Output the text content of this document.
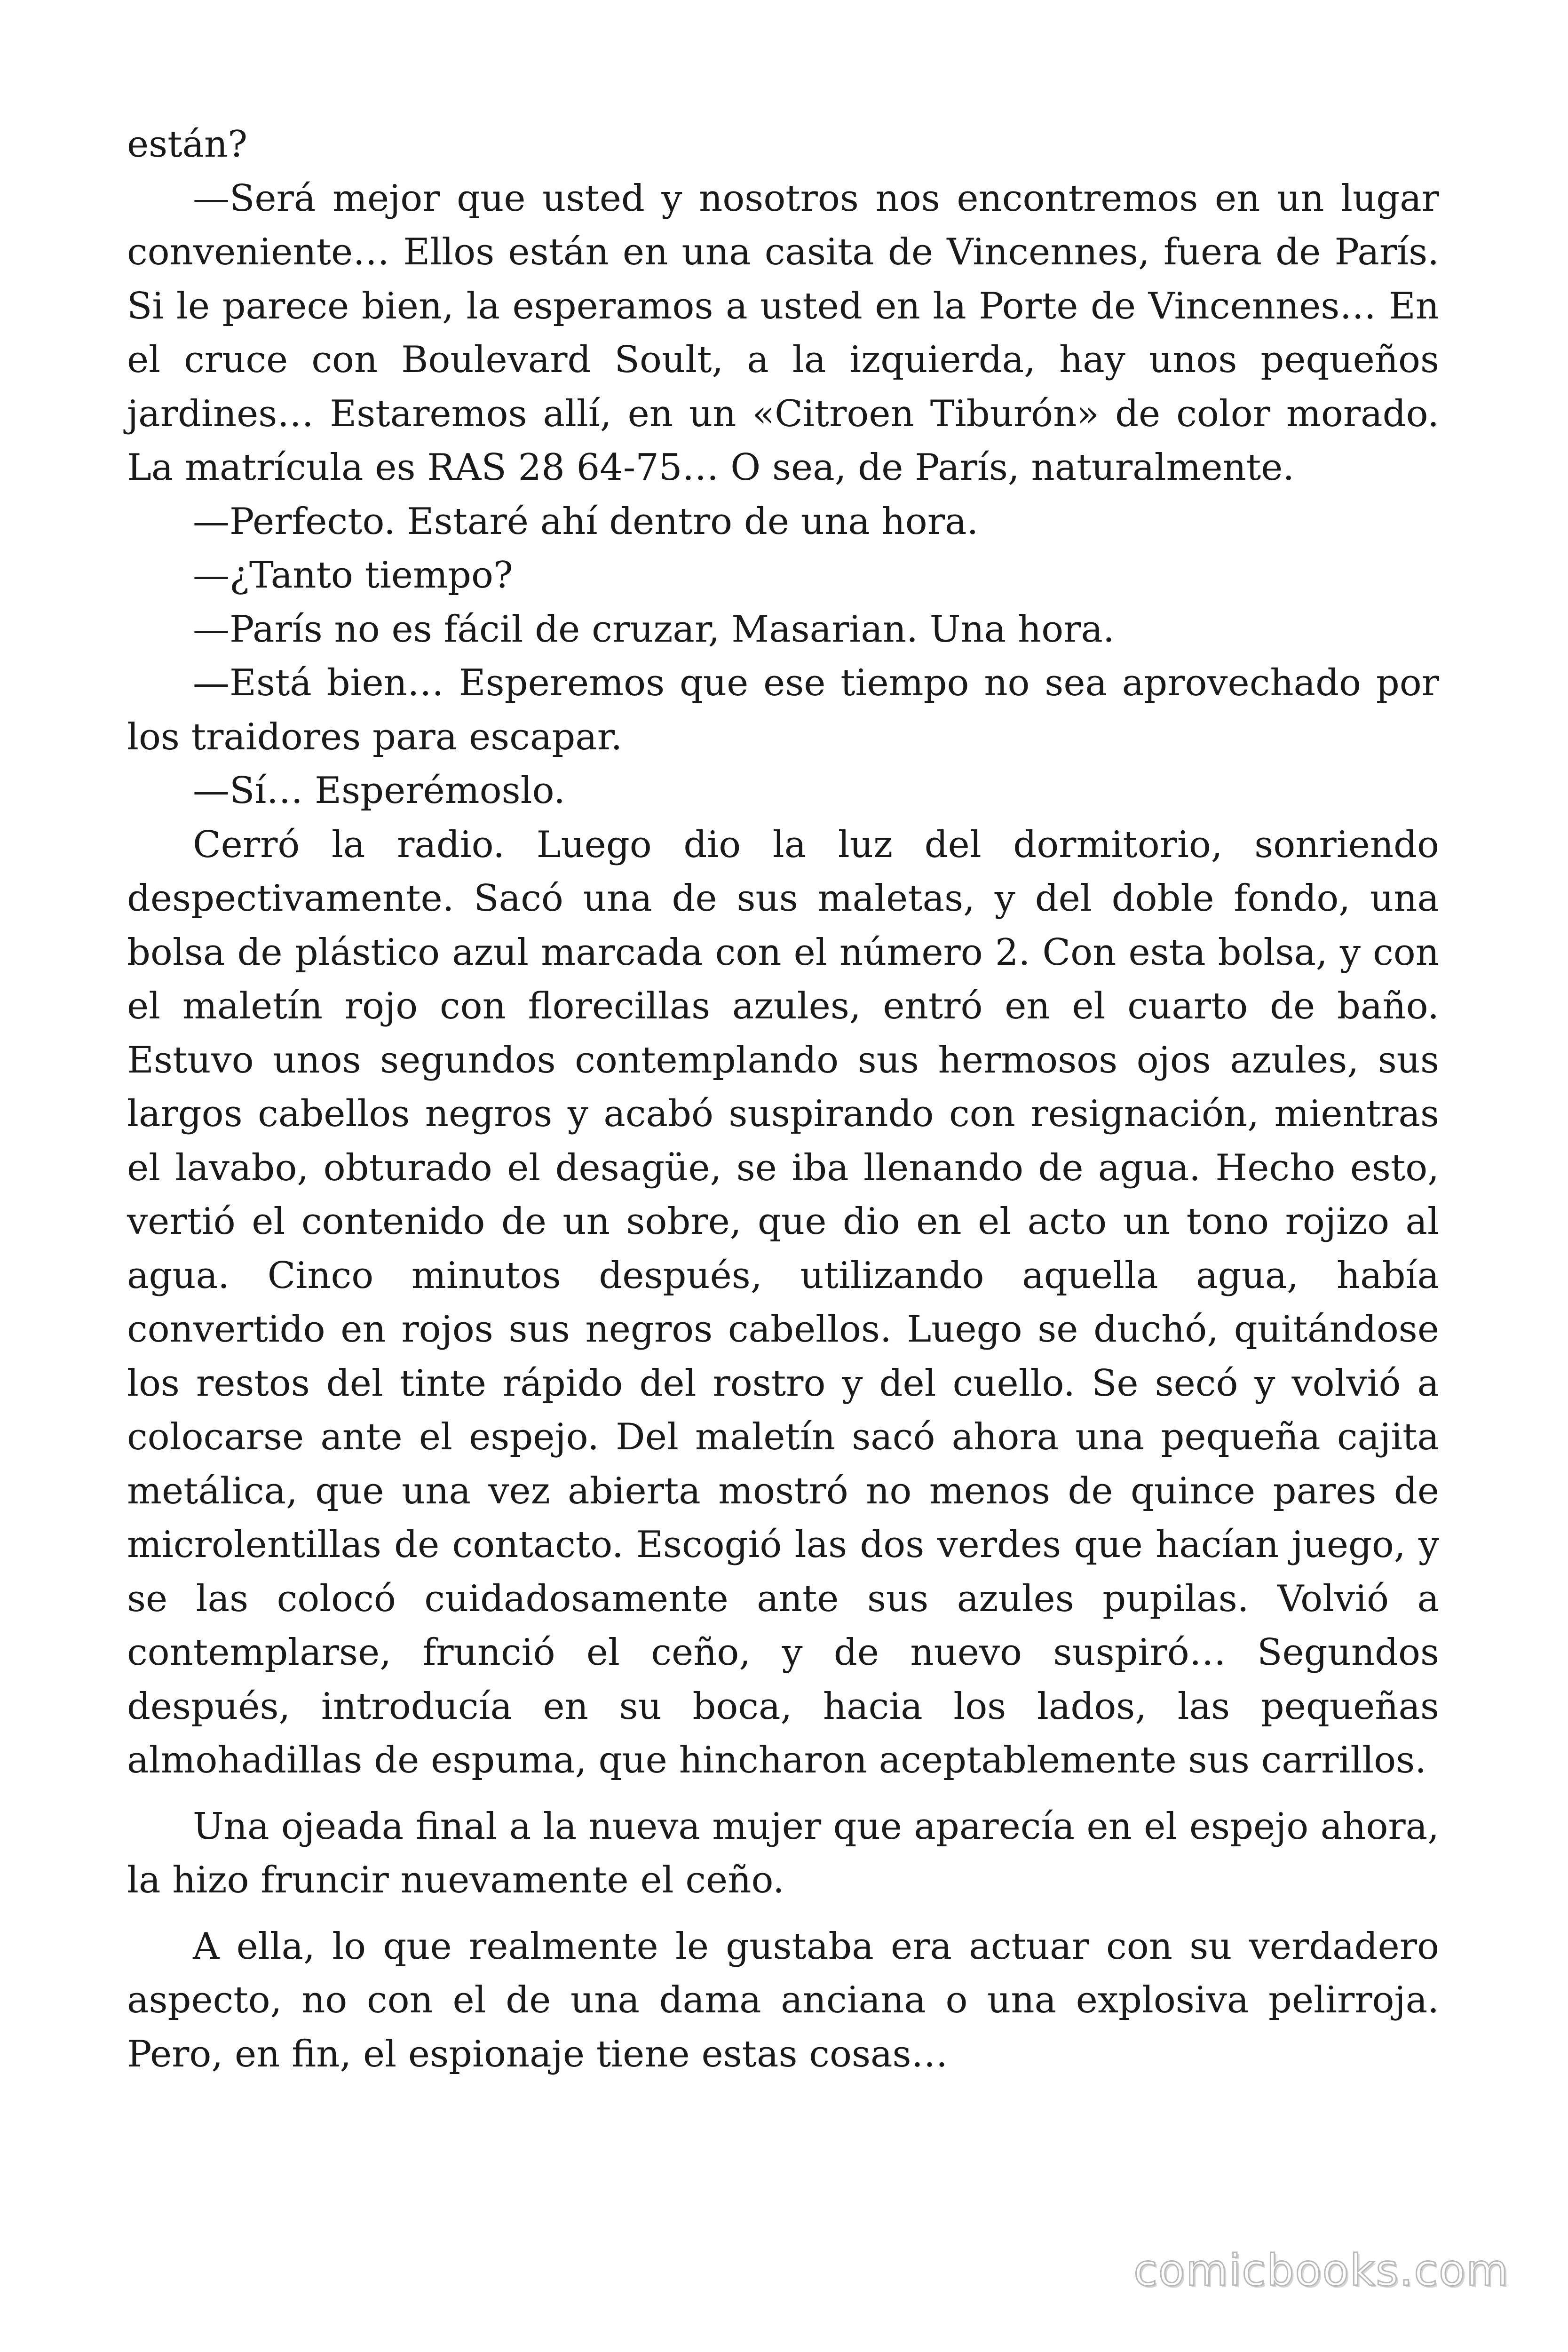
están?

—Será mejor que usted y nosotros nos encontremos en un lugar conveniente… Ellos están en una casita de Vincennes, fuera de París. Si le parece bien, la esperamos a usted en la Porte de Vincennes… En el cruce con Boulevard Soult, a la izquierda, hay unos pequeños jardines… Estaremos allí, en un «Citroen Tiburón» de color morado. La matrícula es RAS 28 64-75… O sea, de París, naturalmente.

—Perfecto. Estaré ahí dentro de una hora.

—¿Tanto tiempo?

—París no es fácil de cruzar, Masarian. Una hora.

—Está bien… Esperemos que ese tiempo no sea aprovechado por los traidores para escapar.

—Sí… Esperémoslo.

Cerró la radio. Luego dio la luz del dormitorio, sonriendo despectivamente. Sacó una de sus maletas, y del doble fondo, una bolsa de plástico azul marcada con el número 2. Con esta bolsa, y con el maletín rojo con florecillas azules, entró en el cuarto de baño. Estuvo unos segundos contemplando sus hermosos ojos azules, sus largos cabellos negros y acabó suspirando con resignación, mientras el lavabo, obturado el desagüe, se iba llenando de agua. Hecho esto, vertió el contenido de un sobre, que dio en el acto un tono rojizo al agua. Cinco minutos después, utilizando aquella agua, había convertido en rojos sus negros cabellos. Luego se duchó, quitándose los restos del tinte rápido del rostro y del cuello. Se secó y volvió a colocarse ante el espejo. Del maletín sacó ahora una pequeña cajita metálica, que una vez abierta mostró no menos de quince pares de microlentillas de contacto. Escogió las dos verdes que hacían juego, y se las colocó cuidadosamente ante sus azules pupilas. Volvió a contemplarse, frunció el ceño, y de nuevo suspiró… Segundos después, introducía en su boca, hacia los lados, las pequeñas almohadillas de espuma, que hincharon aceptablemente sus carrillos.

Una ojeada final a la nueva mujer que aparecía en el espejo ahora, la hizo fruncir nuevamente el ceño.

A ella, lo que realmente le gustaba era actuar con su verdadero aspecto, no con el de una dama anciana o una explosiva pelirroja. Pero, en fin, el espionaje tiene estas cosas…

comicbooks.com
